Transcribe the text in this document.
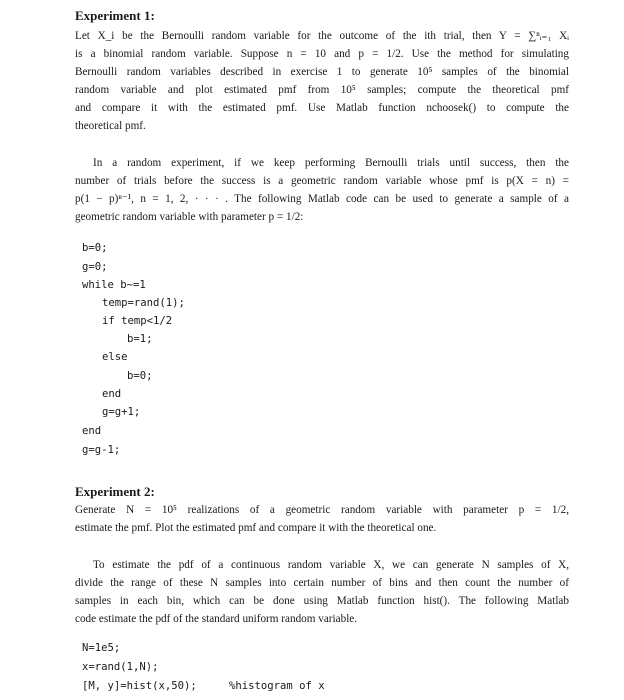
Experiment 1:
Let X_i be the Bernoulli random variable for the outcome of the ith trial, then Y = ∑ⁿᵢ₌₁ Xᵢ
is a binomial random variable. Suppose n = 10 and p = 1/2. Use the method for simulating
Bernoulli random variables described in exercise 1 to generate 10⁵ samples of the binomial
random variable and plot estimated pmf from 10⁵ samples; compute the theoretical pmf
and compare it with the estimated pmf. Use Matlab function nchoosek() to compute the
theoretical pmf.
In a random experiment, if we keep performing Bernoulli trials until success, then the
number of trials before the success is a geometric random variable whose pmf is p(X = n) =
p(1 − p)ⁿ⁻¹, n = 1, 2, · · · . The following Matlab code can be used to generate a sample of a
geometric random variable with parameter p = 1/2:
b=0;
g=0;
while b~=1
temp=rand(1);
if temp<1/2
b=1;
else
b=0;
end
g=g+1;
end
g=g-1;
Experiment 2:
Generate N = 10⁵ realizations of a geometric random variable with parameter p = 1/2,
estimate the pmf. Plot the estimated pmf and compare it with the theoretical one.
To estimate the pdf of a continuous random variable X, we can generate N samples of X,
divide the range of these N samples into certain number of bins and then count the number of
samples in each bin, which can be done using Matlab function hist(). The following Matlab
code estimate the pdf of the standard uniform random variable.
N=1e5;
x=rand(1,N);
[M, y]=hist(x,50);	%histogram of x
